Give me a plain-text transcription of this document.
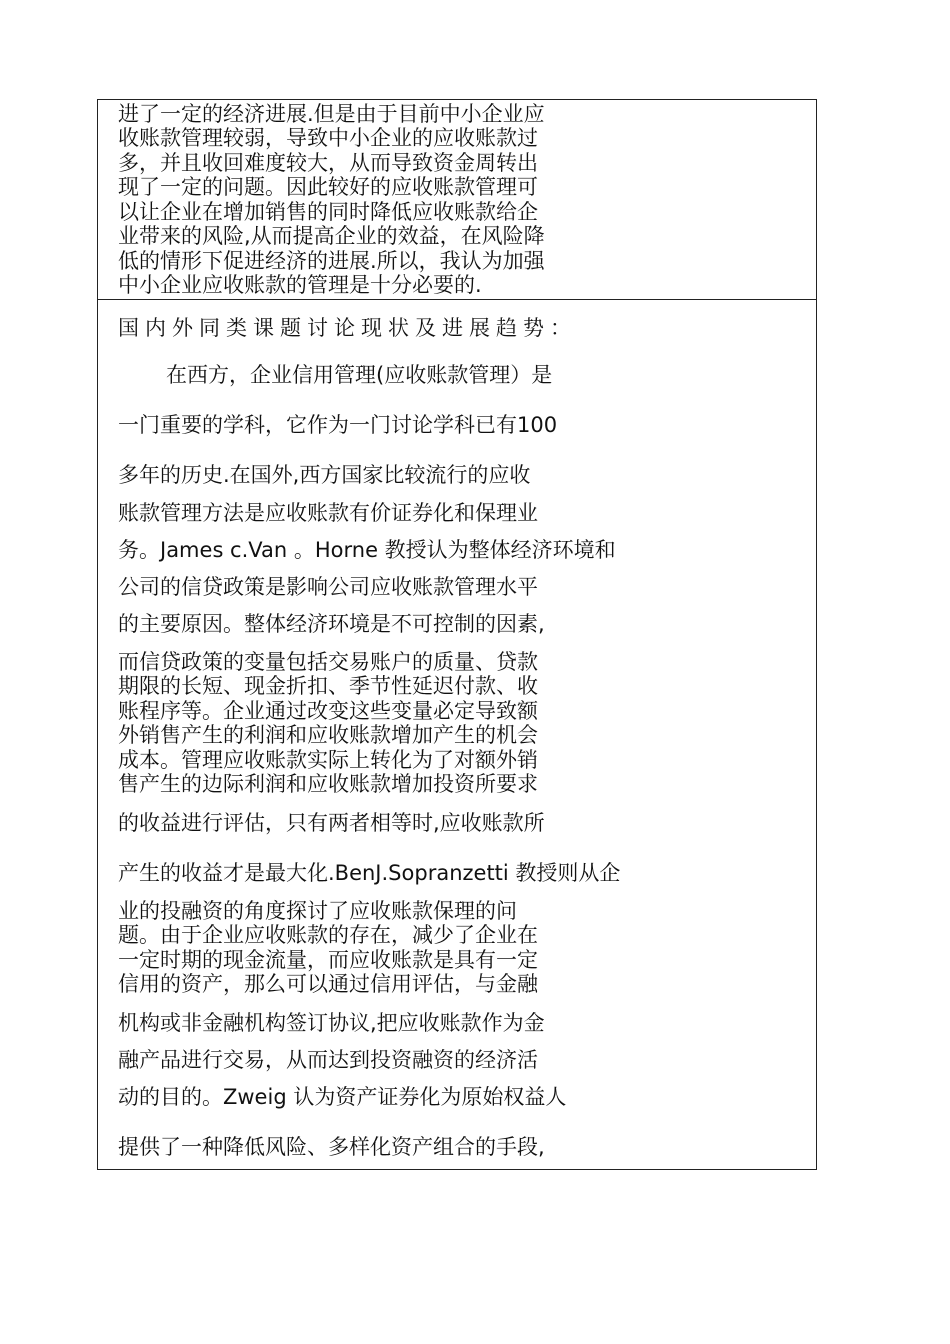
进了一定的经济进展.但是由于目前中小企业应
收账款管理较弱，导致中小企业的应收账款过
多，并且收回难度较大，从而导致资金周转出
现了一定的问题。因此较好的应收账款管理可
以让企业在增加销售的同时降低应收账款给企
业带来的风险,从而提高企业的效益，在风险降
低的情形下促进经济的进展.所以，我认为加强
中小企业应收账款的管理是十分必要的.
国内外同类课题讨论现状及进展趋势：
在西方，企业信用管理(应收账款管理）是
一门重要的学科，它作为一门讨论学科已有100
多年的历史.在国外,西方国家比较流行的应收
账款管理方法是应收账款有价证券化和保理业
务。James c.Van 。Horne 教授认为整体经济环境和
公司的信贷政策是影响公司应收账款管理水平
的主要原因。整体经济环境是不可控制的因素,
而信贷政策的变量包括交易账户的质量、贷款
期限的长短、现金折扣、季节性延迟付款、收
账程序等。企业通过改变这些变量必定导致额
外销售产生的利润和应收账款增加产生的机会
成本。管理应收账款实际上转化为了对额外销
售产生的边际利润和应收账款增加投资所要求
的收益进行评估，只有两者相等时,应收账款所
产生的收益才是最大化.BenJ.Sopranzetti 教授则从企
业的投融资的角度探讨了应收账款保理的问
题。由于企业应收账款的存在，减少了企业在
一定时期的现金流量，而应收账款是具有一定
信用的资产，那么可以通过信用评估，与金融
机构或非金融机构签订协议,把应收账款作为金
融产品进行交易，从而达到投资融资的经济活
动的目的。Zweig 认为资产证券化为原始权益人
提供了一种降低风险、多样化资产组合的手段,
